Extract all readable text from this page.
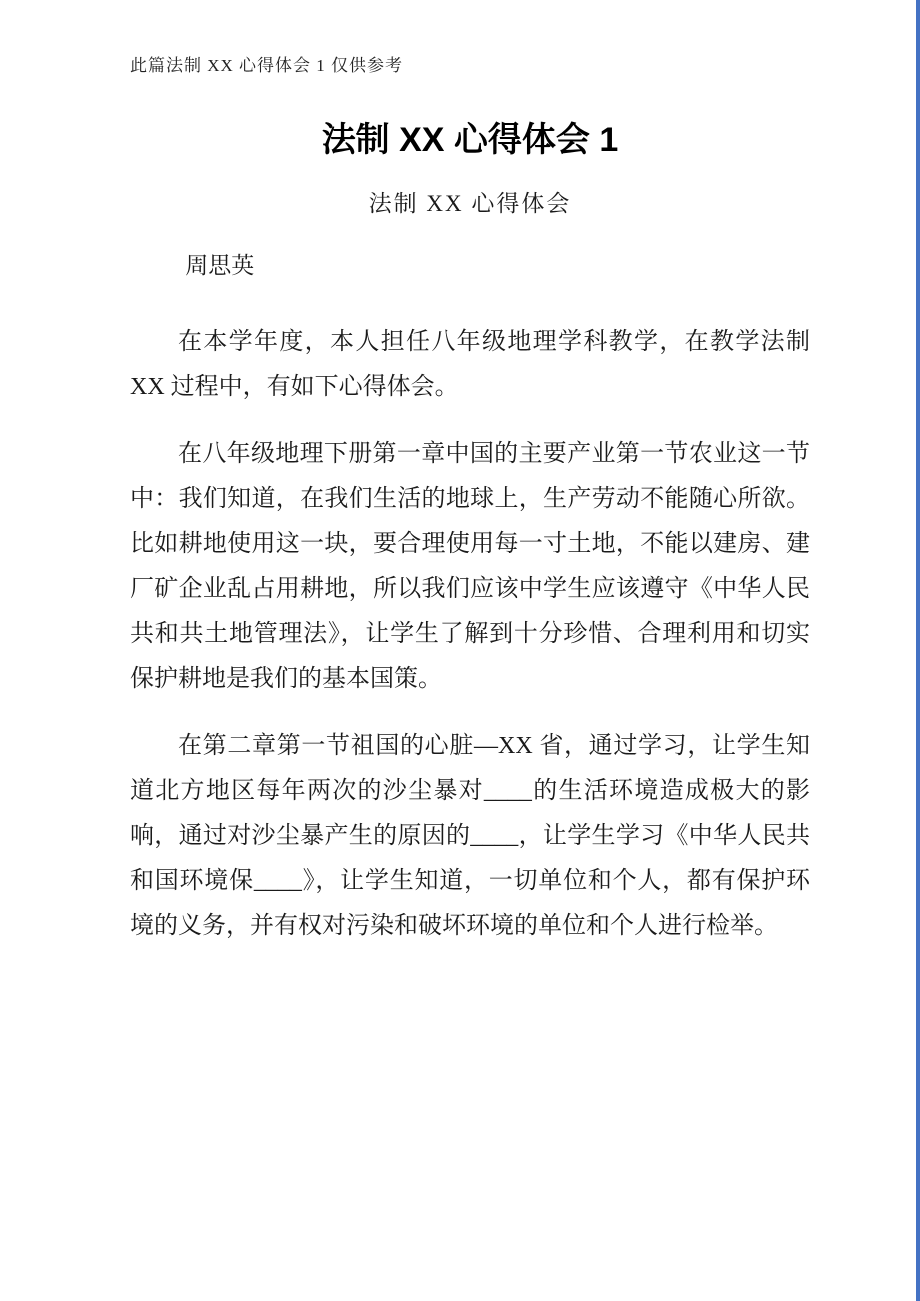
此篇法制 XX 心得体会 1 仅供参考
法制 XX 心得体会 1
法制 XX 心得体会
周思英

在本学年度，本人担任八年级地理学科教学，在教学法制 XX 过程中，有如下心得体会。

在八年级地理下册第一章中国的主要产业第一节农业这一节中：我们知道，在我们生活的地球上，生产劳动不能随心所欲。比如耕地使用这一块，要合理使用每一寸土地，不能以建房、建厂矿企业乱占用耕地，所以我们应该中学生应该遵守《中华人民共和共土地管理法》，让学生了解到十分珍惜、合理利用和切实保护耕地是我们的基本国策。

在第二章第一节祖国的心脏—XX 省，通过学习，让学生知道北方地区每年两次的沙尘暴对____的生活环境造成极大的影响，通过对沙尘暴产生的原因的____，让学生学习《中华人民共和国环境保____》，让学生知道，一切单位和个人，都有保护环境的义务，并有权对污染和破坏环境的单位和个人进行检举。
